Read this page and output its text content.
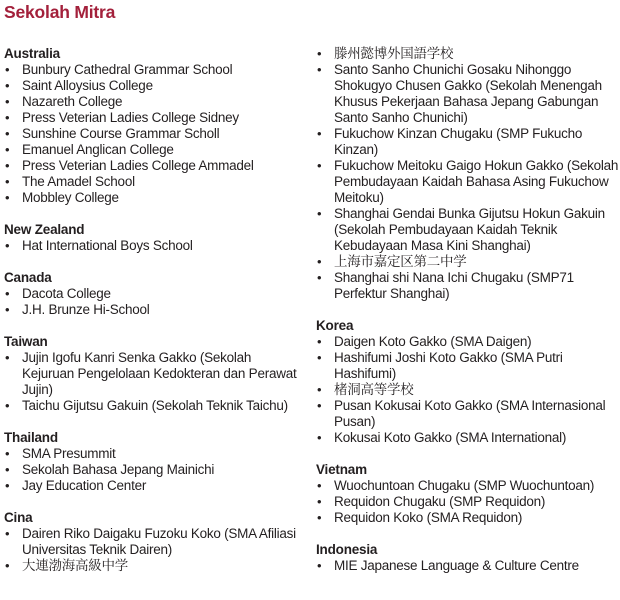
Sekolah Mitra
Australia
• Bunbury Cathedral Grammar School
• Saint Alloysius College
• Nazareth College
• Press Veterian Ladies College Sidney
• Sunshine Course Grammar Scholl
• Emanuel Anglican College
• Press Veterian Ladies College Ammadel
• The Amadel School
• Mobbley College
New Zealand
• Hat International Boys School
Canada
• Dacota College
• J.H. Brunze Hi-School
Taiwan
• Jujin Igofu Kanri Senka Gakko (Sekolah Kejuruan Pengelolaan Kedokteran dan Perawat Jujin)
• Taichu Gijutsu Gakuin (Sekolah Teknik Taichu)
Thailand
• SMA Presummit
• Sekolah Bahasa Jepang Mainichi
• Jay Education Center
Cina
• Dairen Riko Daigaku Fuzoku Koko (SMA Afiliasi Universitas Teknik Dairen)
• 大連渤海高級中学
• 滕州懿博外国語学校
• Santo Sanho Chunichi Gosaku Nihonggo Shokugyo Chusen Gakko (Sekolah Menengah Khusus Pekerjaan Bahasa Jepang Gabungan Santo Sanho Chunichi)
• Fukuchow Kinzan Chugaku (SMP Fukucho Kinzan)
• Fukuchow Meitoku Gaigo Hokun Gakko (Sekolah Pembudayaan Kaidah Bahasa Asing Fukuchow Meitoku)
• Shanghai Gendai Bunka Gijutsu Hokun Gakuin (Sekolah Pembudayaan Kaidah Teknik Kebudayaan Masa Kini Shanghai)
• 上海市嘉定区第二中学
• Shanghai shi Nana Ichi Chugaku (SMP71 Perfektur Shanghai)
Korea
• Daigen Koto Gakko (SMA Daigen)
• Hashifumi Joshi Koto Gakko (SMA Putri Hashifumi)
• 楮洞高等学校
• Pusan Kokusai Koto Gakko (SMA Internasional Pusan)
• Kokusai Koto Gakko (SMA International)
Vietnam
• Wuochuntoan Chugaku (SMP Wuochuntoan)
• Requidon Chugaku (SMP Requidon)
• Requidon Koko (SMA Requidon)
Indonesia
• MIE Japanese Language & Culture Centre
